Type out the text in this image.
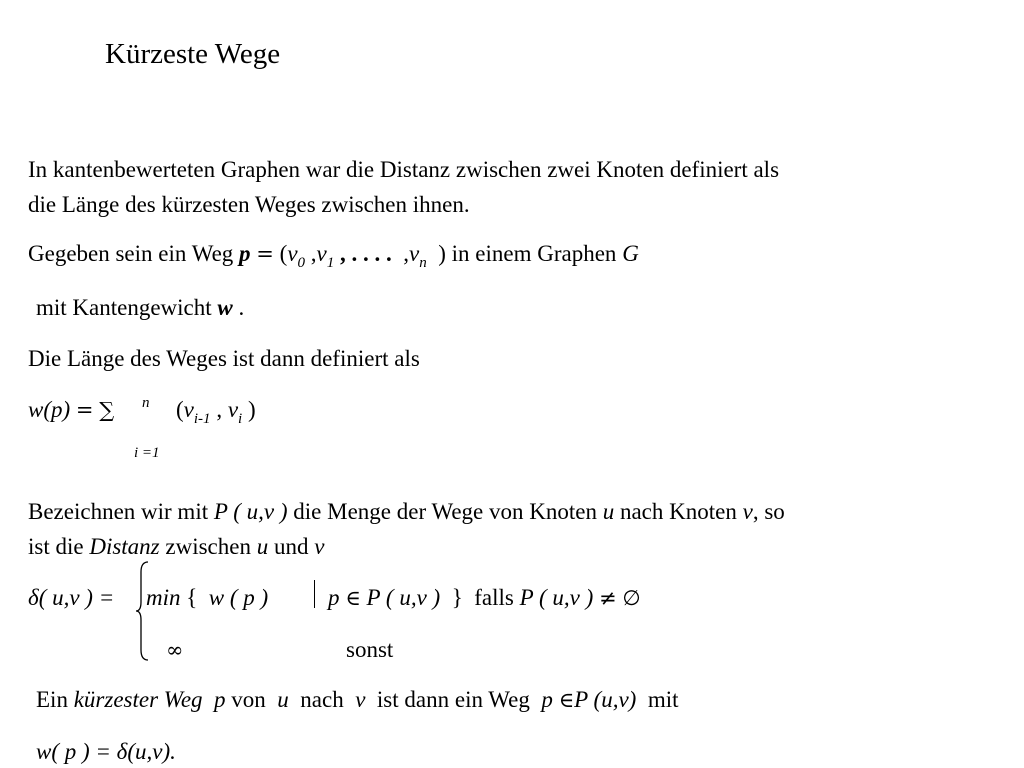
Kürzeste Wege
In kantenbewerteten Graphen war die Distanz zwischen zwei Knoten definiert als
die Länge des kürzesten Weges zwischen ihnen.
Gegeben sein ein Weg $p = (v_0$ $,v_1$ , . . . . $,v_n$ ) in einem Graphen G
mit Kantengewicht w .
Die Länge des Weges ist dann definiert als
w(p) = ∑ n ($v_{i-1}$ , $v_i$ )
i =1
Bezeichnen wir mit P ( u,v ) die Menge der Wege von Knoten u nach Knoten v, so
ist die Distanz zwischen u und v
δ( u,v ) = min { w ( p )	p ∈ P ( u,v ) } falls P ( u,v ) ≠ ∅
∞	sonst
Ein kürzester Weg p von  u  nach  v  ist dann ein Weg  p ∈P (u,v)  mit
w( p ) = δ(u,v).
